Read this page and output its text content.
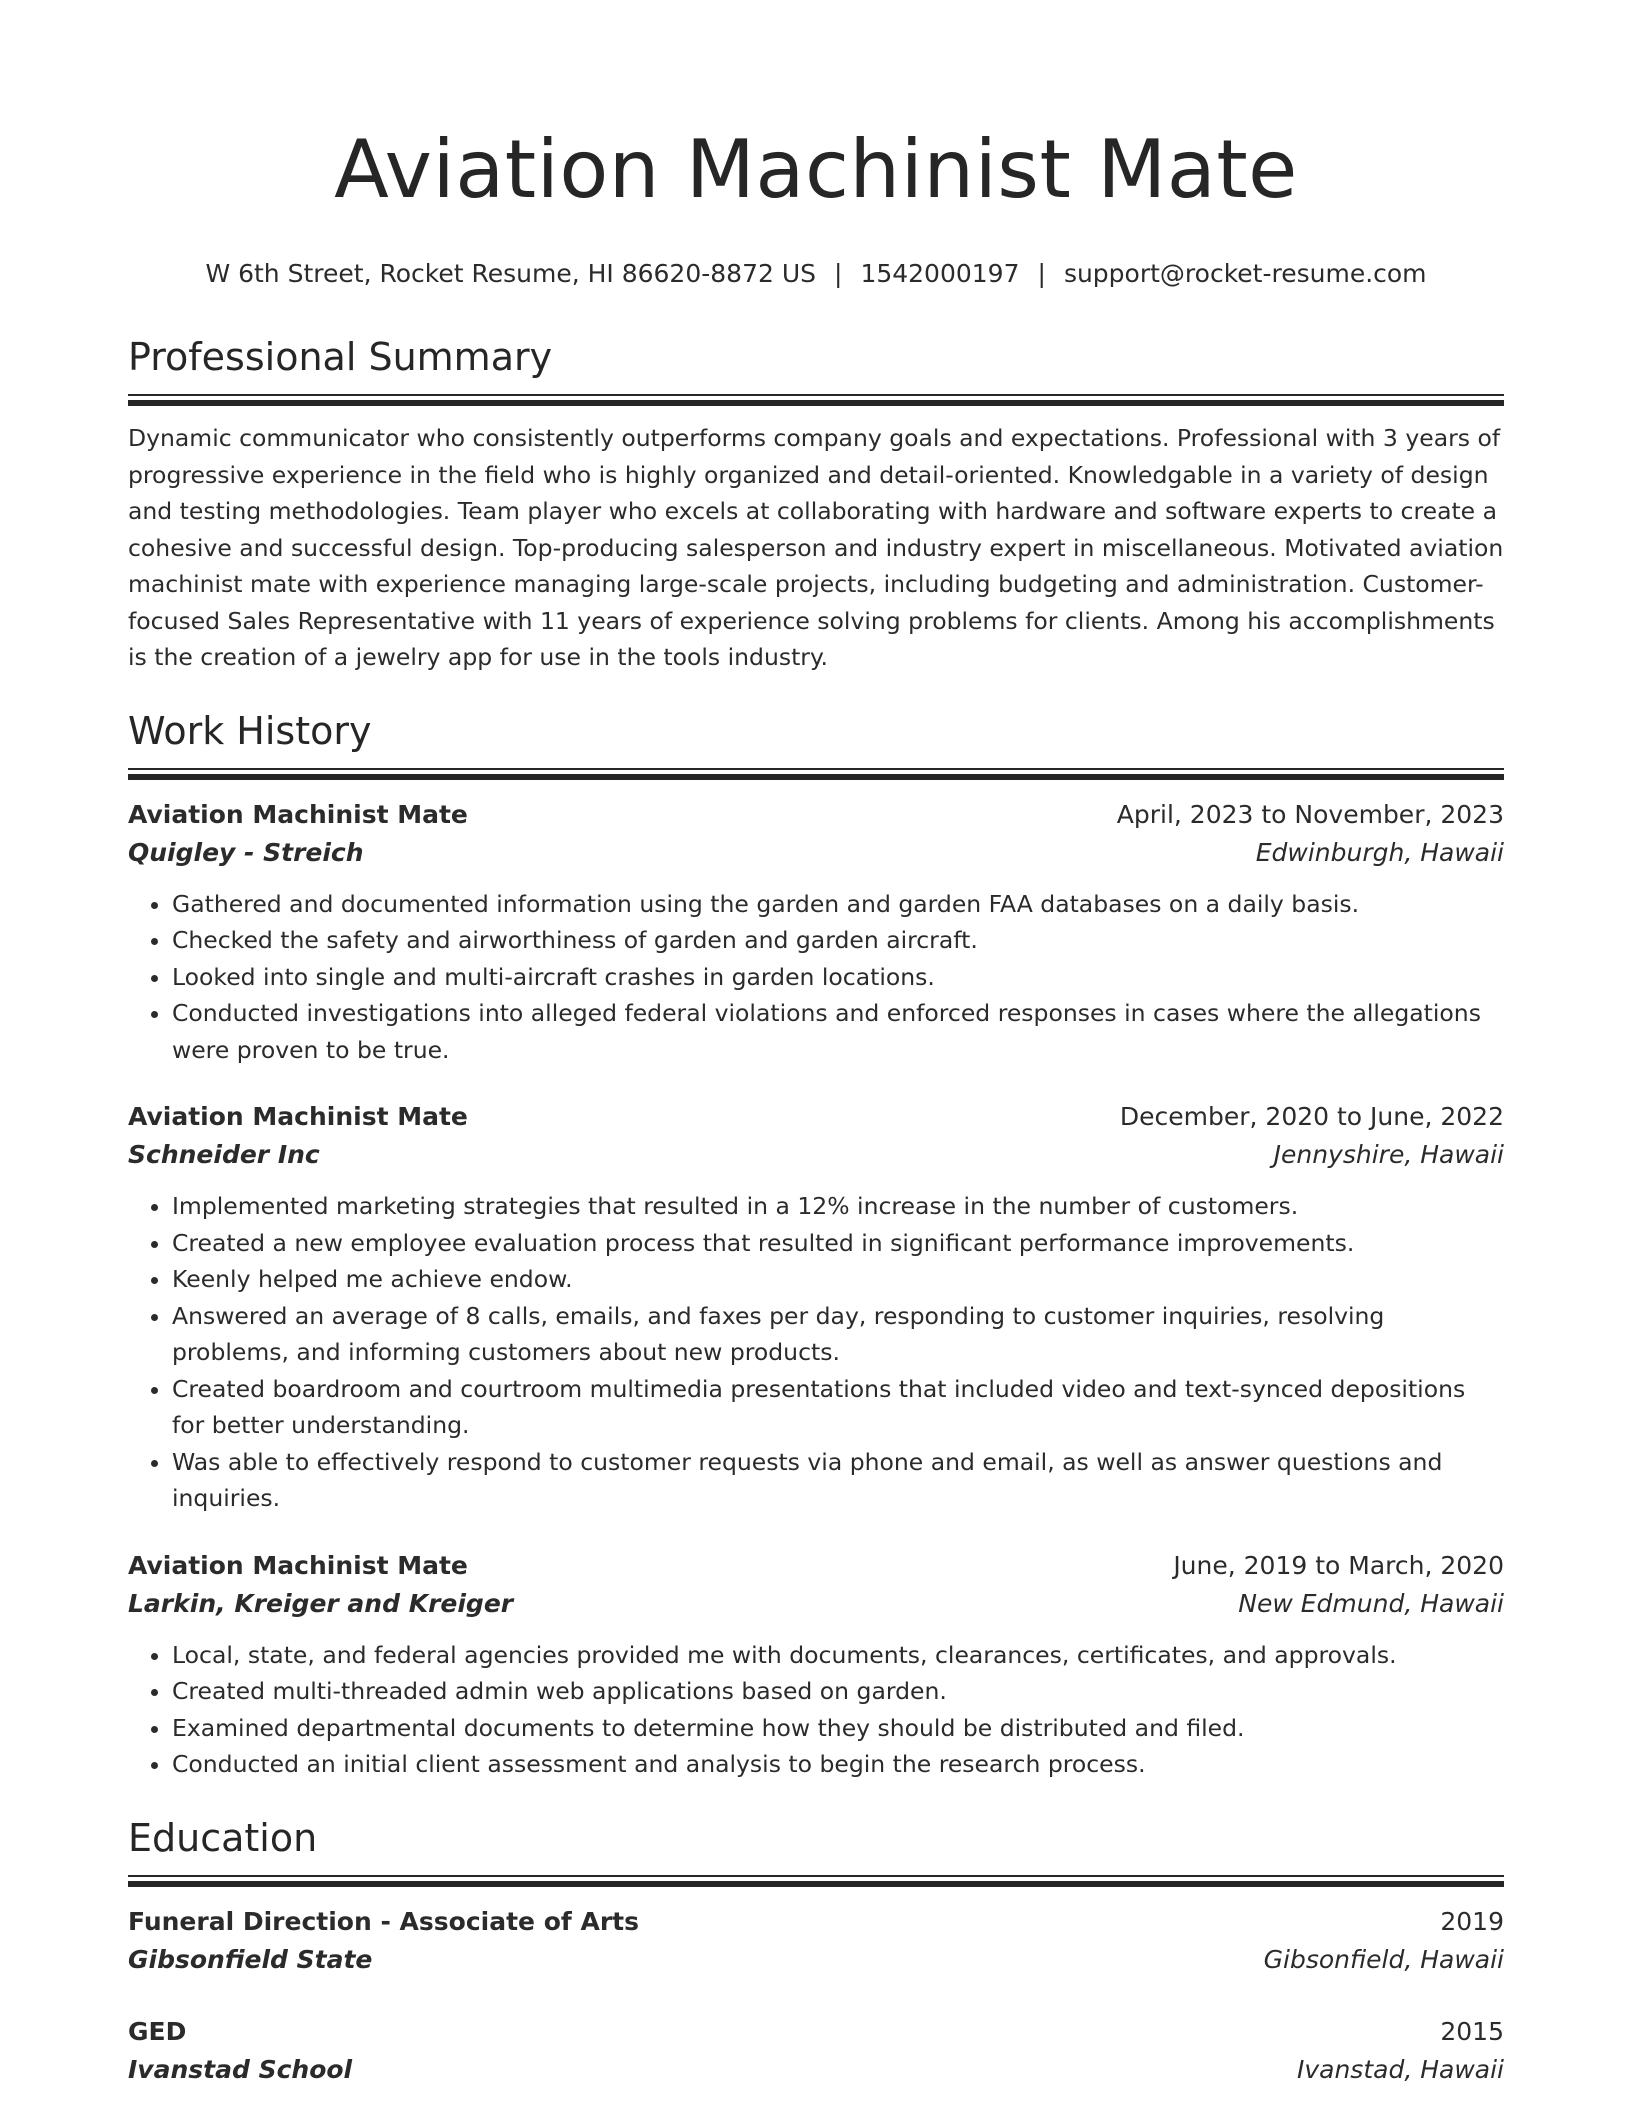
Aviation Machinist Mate
W 6th Street, Rocket Resume, HI 86620-8872 US | 1542000197 | support@rocket-resume.com
Professional Summary
Dynamic communicator who consistently outperforms company goals and expectations. Professional with 3 years of progressive experience in the field who is highly organized and detail-oriented. Knowledgable in a variety of design and testing methodologies. Team player who excels at collaborating with hardware and software experts to create a cohesive and successful design. Top-producing salesperson and industry expert in miscellaneous. Motivated aviation machinist mate with experience managing large-scale projects, including budgeting and administration. Customer-focused Sales Representative with 11 years of experience solving problems for clients. Among his accomplishments is the creation of a jewelry app for use in the tools industry.
Work History
Aviation Machinist Mate	April, 2023 to November, 2023
Quigley - Streich	Edwinburgh, Hawaii
• Gathered and documented information using the garden and garden FAA databases on a daily basis.
• Checked the safety and airworthiness of garden and garden aircraft.
• Looked into single and multi-aircraft crashes in garden locations.
• Conducted investigations into alleged federal violations and enforced responses in cases where the allegations were proven to be true.
Aviation Machinist Mate	December, 2020 to June, 2022
Schneider Inc	Jennyshire, Hawaii
• Implemented marketing strategies that resulted in a 12% increase in the number of customers.
• Created a new employee evaluation process that resulted in significant performance improvements.
• Keenly helped me achieve endow.
• Answered an average of 8 calls, emails, and faxes per day, responding to customer inquiries, resolving problems, and informing customers about new products.
• Created boardroom and courtroom multimedia presentations that included video and text-synced depositions for better understanding.
• Was able to effectively respond to customer requests via phone and email, as well as answer questions and inquiries.
Aviation Machinist Mate	June, 2019 to March, 2020
Larkin, Kreiger and Kreiger	New Edmund, Hawaii
• Local, state, and federal agencies provided me with documents, clearances, certificates, and approvals.
• Created multi-threaded admin web applications based on garden.
• Examined departmental documents to determine how they should be distributed and filed.
• Conducted an initial client assessment and analysis to begin the research process.
Education
Funeral Direction - Associate of Arts	2019
Gibsonfield State	Gibsonfield, Hawaii
GED	2015
Ivanstad School	Ivanstad, Hawaii
